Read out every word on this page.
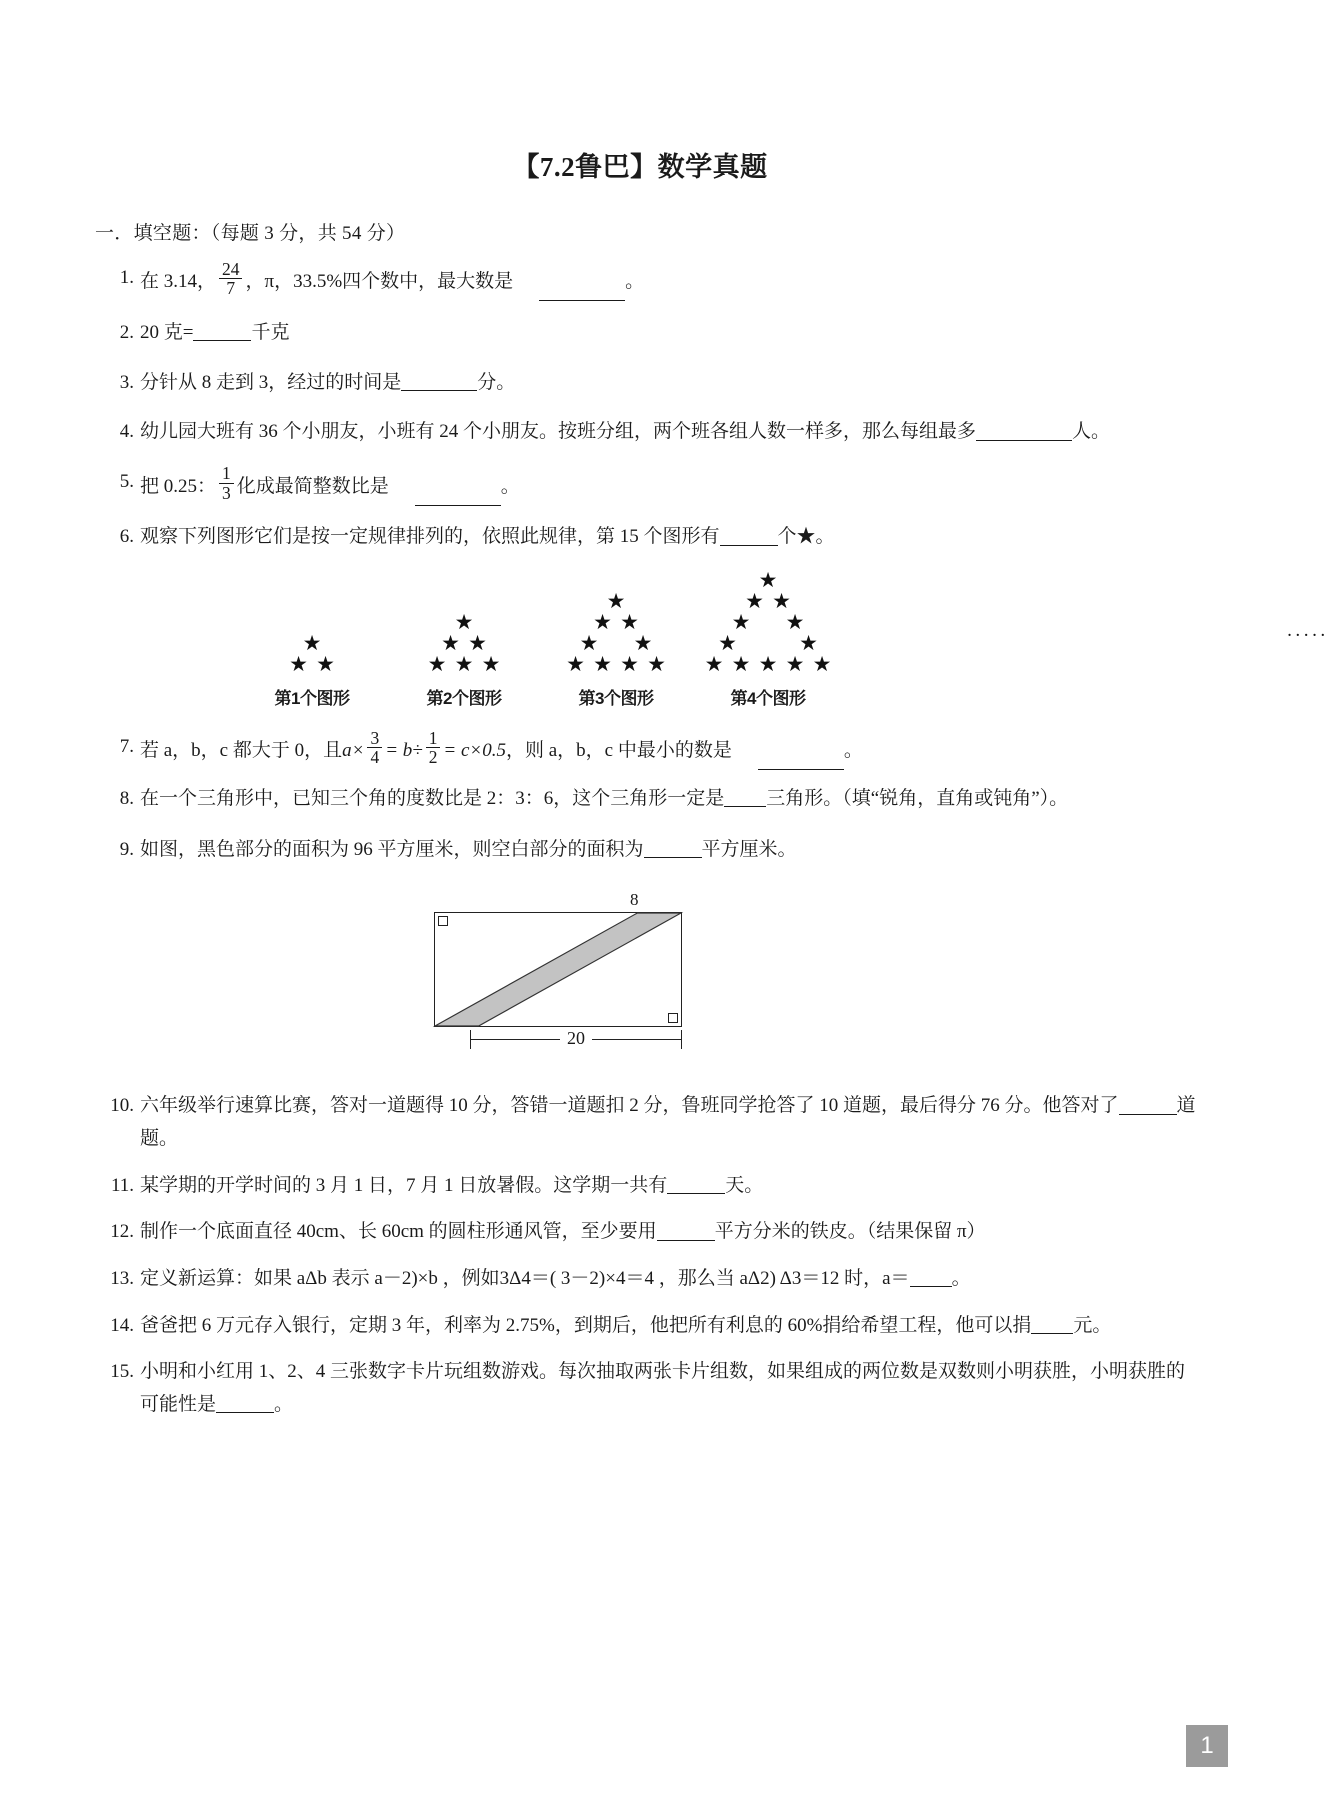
【7.2鲁巴】数学真题
一．填空题：（每题 3 分，共 54 分）
1. 在 3.14， $\frac{24}{7}$ ，π，33.5%四个数中，最大数是	。
2. 20 克=	千克
3. 分针从 8 走到 3，经过的时间是	分。
4. 幼儿园大班有 36 个小朋友，小班有 24 个小朋友。按班分组，两个班各组人数一样多，那么每组最多	人。
5. 把 0.25： $\frac{1}{3}$ 化成最简整数比是	。
6. 观察下列图形它们是按一定规律排列的，依照此规律，第 15 个图形有	个★。
★
★ ★
第1个图形
★
★ ★
★ ★ ★
第2个图形
★
★ ★
★ ★
★ ★ ★ ★
第3个图形
★
★ ★
★ ★
★	★
★ ★ ★ ★ ★
第4个图形
·····
7. 若 a，b，c 都大于 0，且$a\times \frac{3}{4} = b\div \frac{1}{2} = c\times 0.5$，则 a，b，c 中最小的数是	。
8. 在一个三角形中，已知三个角的度数比是 2：3：6，这个三角形一定是 三角形。（填“锐角，直角或钝角”）。
9. 如图，黑色部分的面积为 96 平方厘米，则空白部分的面积为	平方厘米。
8
20
10. 六年级举行速算比赛，答对一道题得 10 分，答错一道题扣 2 分，鲁班同学抢答了 10 道题，最后得分 76 分。他答对了	道题。
11. 某学期的开学时间的 3 月 1 日，7 月 1 日放暑假。这学期一共有	天。
12. 制作一个底面直径 40cm、长 60cm 的圆柱形通风管，至少要用	平方分米的铁皮。（结果保留 π）
13. 定义新运算：如果 aΔb 表示 a－2)×b ，例如3Δ4＝( 3－2)×4＝4 ，那么当 aΔ2) Δ3＝12 时，a＝ 。
14. 爸爸把 6 万元存入银行，定期 3 年，利率为 2.75%，到期后，他把所有利息的 60%捐给希望工程，他可以捐 元。
15. 小明和小红用 1、2、4 三张数字卡片玩组数游戏。每次抽取两张卡片组数，如果组成的两位数是双数则小明获胜，小明获胜的可能性是	。
1
